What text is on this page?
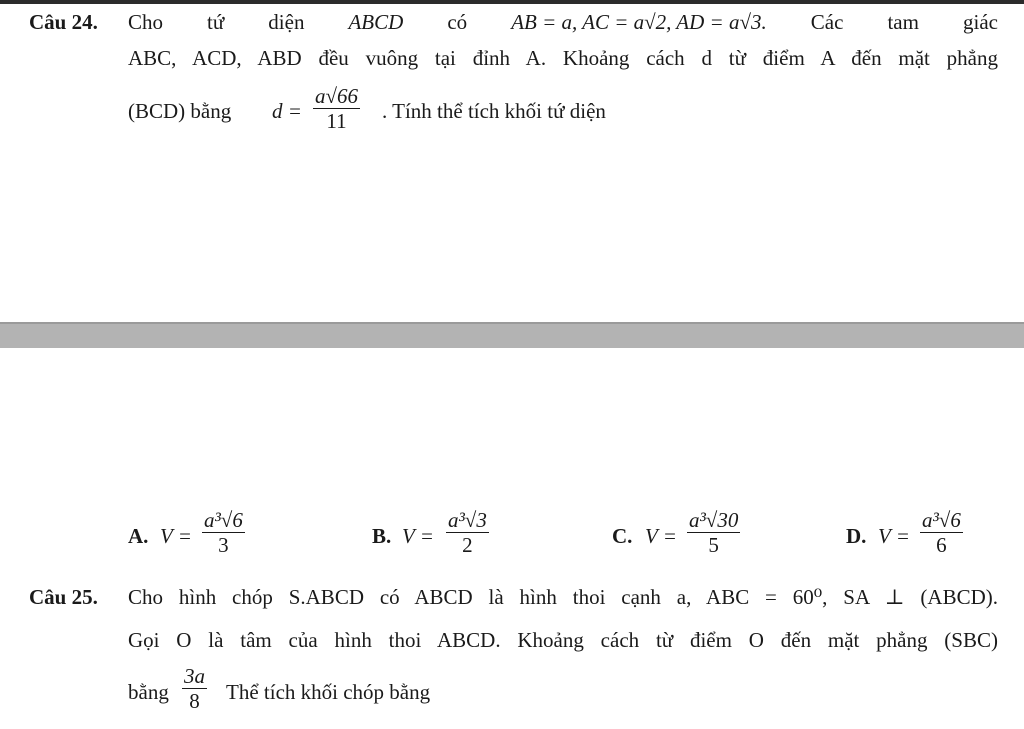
Câu 24. Cho tứ diện ABCD có AB = a, AC = a√2, AD = a√3. Các tam giác
ABC, ACD, ABD đều vuông tại đỉnh A. Khoảng cách d từ điểm A đến mặt phẳng
(BCD) bằng $d = \frac{a√66}{11}$ . Tính thể tích khối tứ diện
A. $V = \frac{\text{a³√6}}{3}$	B. $V = \frac{\text{a³√3}}{2}$	C. $V = \frac{\text{a³√30}}{5}$	D. $V = \frac{\text{a³√6}}{6}$
Câu 25. Cho hình chóp S.ABCD có ABCD là hình thoi cạnh a, ABC = 60⁰, SA ⊥ (ABCD).
Gọi O là tâm của hình thoi ABCD. Khoảng cách từ điểm O đến mặt phẳng (SBC)
bằng $\frac{3a}{8}$ Thể tích khối chóp bằng
